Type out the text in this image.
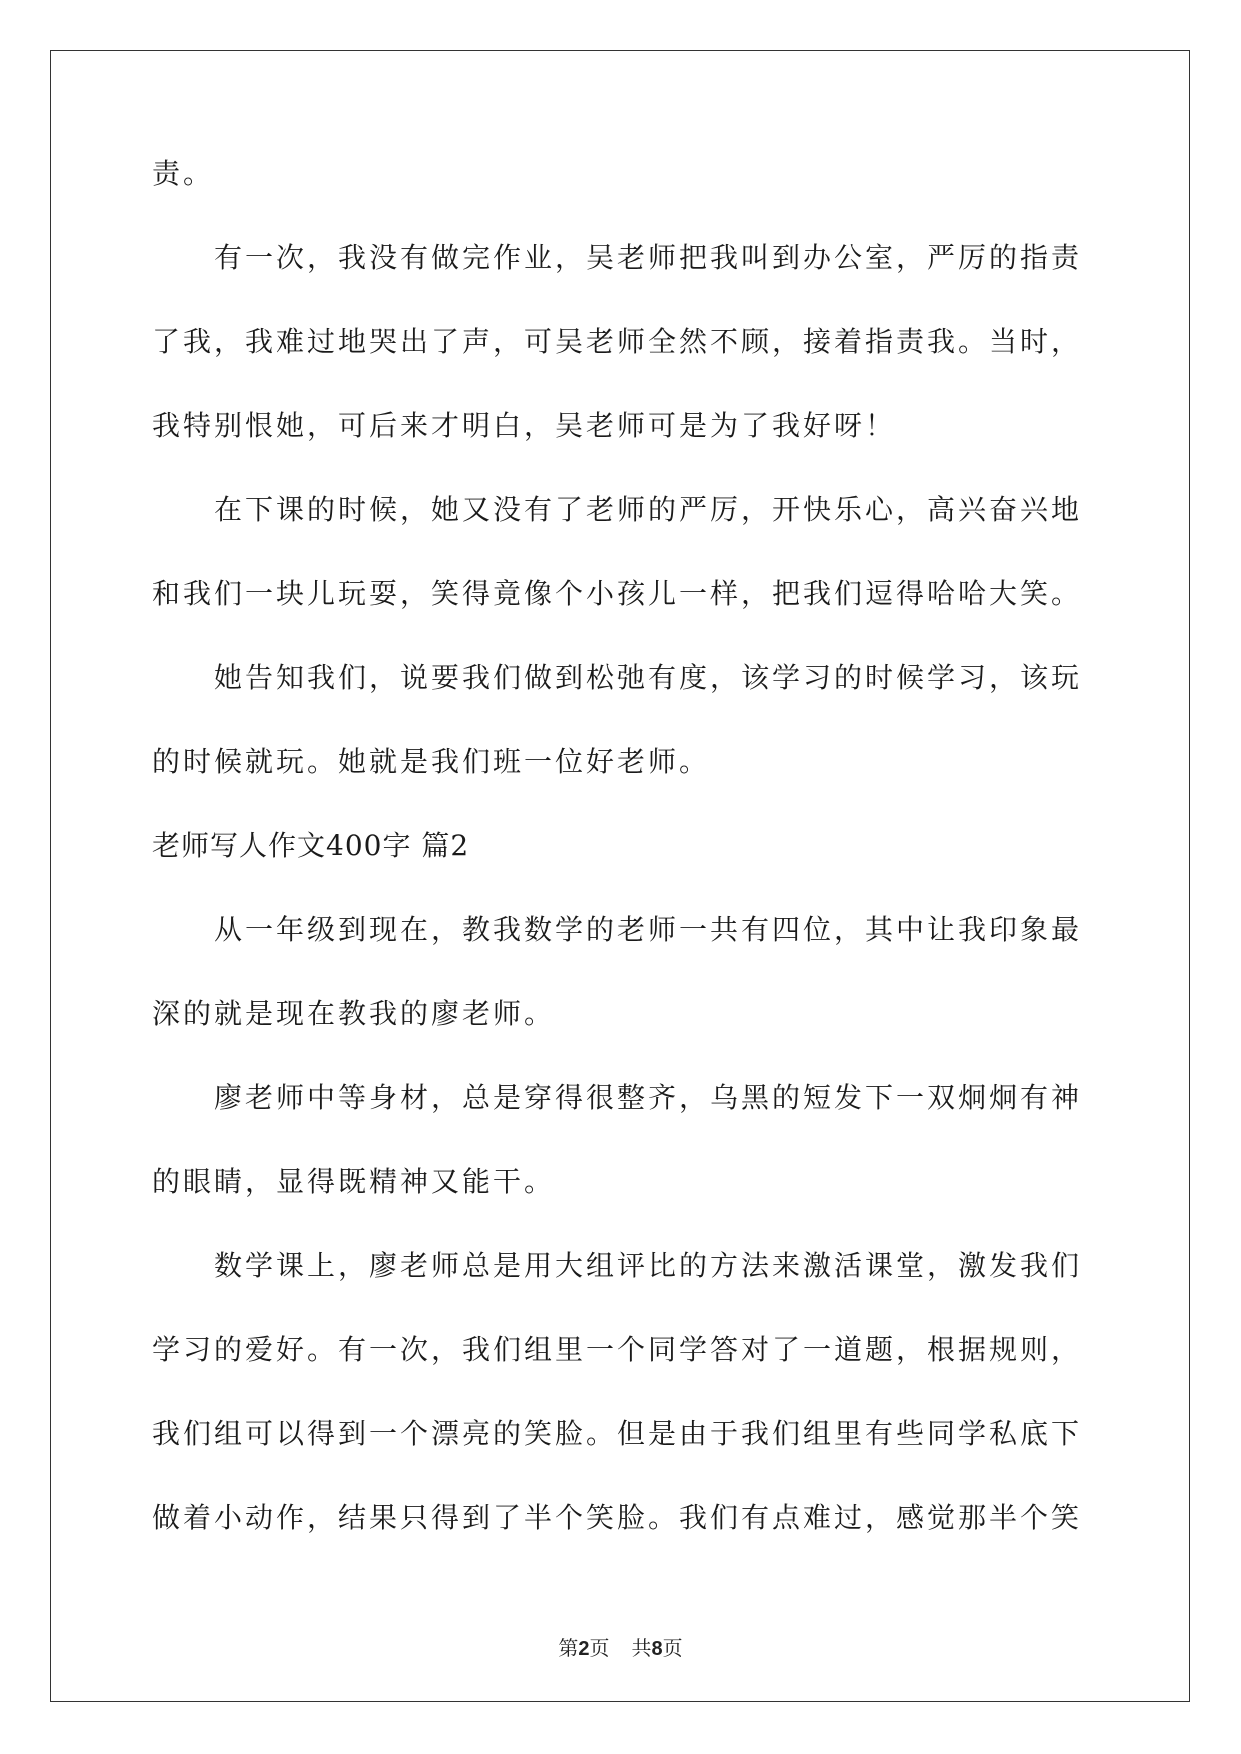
责。
有一次，我没有做完作业，吴老师把我叫到办公室，严厉的指责
了我，我难过地哭出了声，可吴老师全然不顾，接着指责我。当时，
我特别恨她，可后来才明白，吴老师可是为了我好呀！
在下课的时候，她又没有了老师的严厉，开快乐心，高兴奋兴地
和我们一块儿玩耍，笑得竟像个小孩儿一样，把我们逗得哈哈大笑。
她告知我们，说要我们做到松弛有度，该学习的时候学习，该玩
的时候就玩。她就是我们班一位好老师。
老师写人作文400字 篇2
从一年级到现在，教我数学的老师一共有四位，其中让我印象最
深的就是现在教我的廖老师。
廖老师中等身材，总是穿得很整齐，乌黑的短发下一双炯炯有神
的眼睛，显得既精神又能干。
数学课上，廖老师总是用大组评比的方法来激活课堂，激发我们
学习的爱好。有一次，我们组里一个同学答对了一道题，根据规则，
我们组可以得到一个漂亮的笑脸。但是由于我们组里有些同学私底下
做着小动作，结果只得到了半个笑脸。我们有点难过，感觉那半个笑
第2页 共8页
